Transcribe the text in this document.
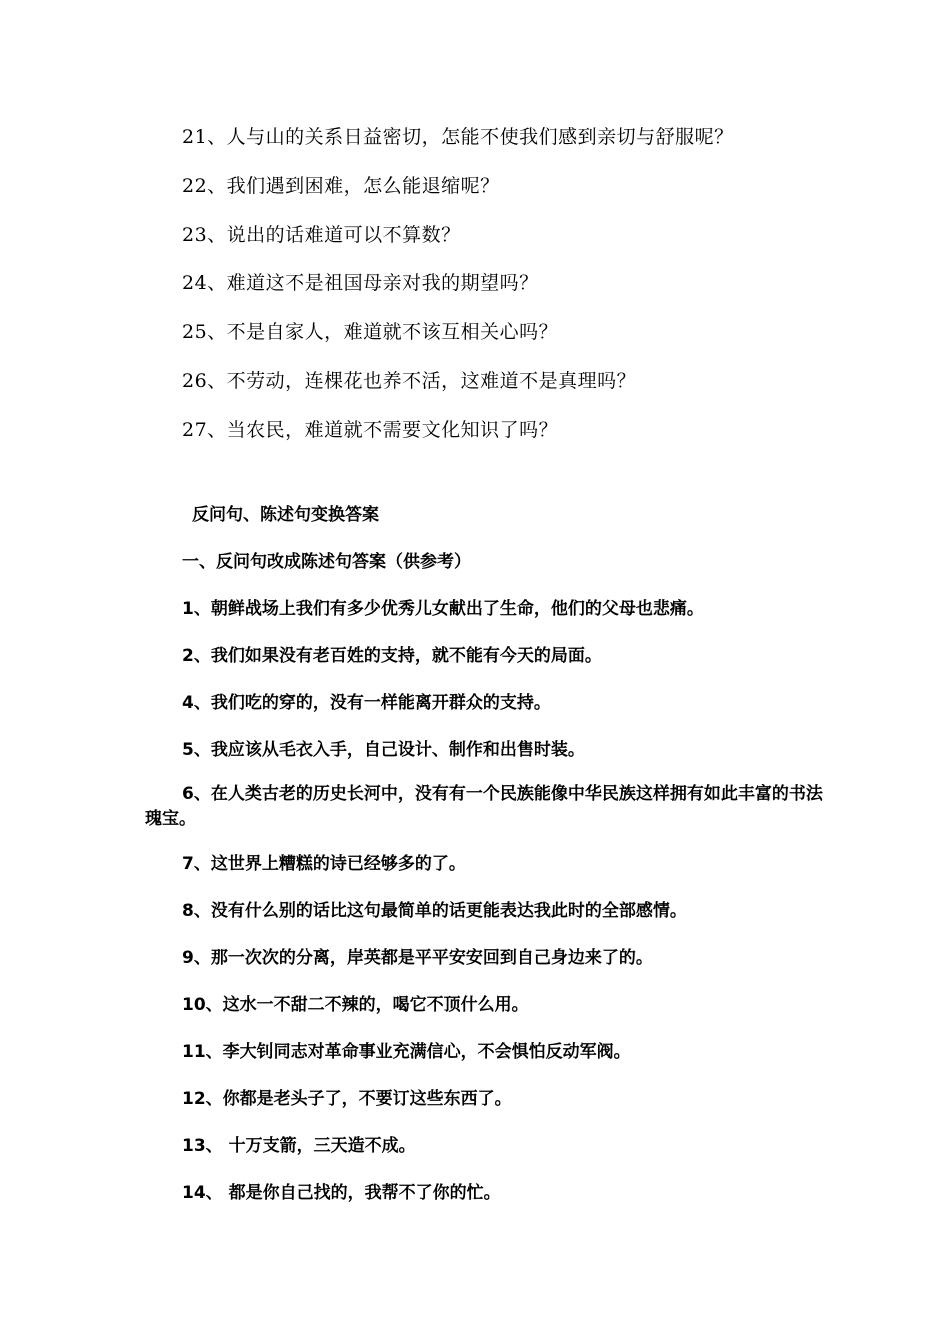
21、人与山的关系日益密切，怎能不使我们感到亲切与舒服呢？
22、我们遇到困难，怎么能退缩呢？
23、说出的话难道可以不算数？
24、难道这不是祖国母亲对我的期望吗？
25、不是自家人，难道就不该互相关心吗？
26、不劳动，连棵花也养不活，这难道不是真理吗？
27、当农民，难道就不需要文化知识了吗？
反问句、陈述句变换答案
一、反问句改成陈述句答案（供参考）
1、朝鲜战场上我们有多少优秀儿女献出了生命，他们的父母也悲痛。
2、我们如果没有老百姓的支持，就不能有今天的局面。
4、我们吃的穿的，没有一样能离开群众的支持。
5、我应该从毛衣入手，自己设计、制作和出售时装。
6、在人类古老的历史长河中，没有有一个民族能像中华民族这样拥有如此丰富的书法瑰宝。
7、这世界上糟糕的诗已经够多的了。
8、没有什么别的话比这句最简单的话更能表达我此时的全部感情。
9、那一次次的分离，岸英都是平平安安回到自己身边来了的。
10、这水一不甜二不辣的，喝它不顶什么用。
11、李大钊同志对革命事业充满信心，不会惧怕反动军阀。
12、你都是老头子了，不要订这些东西了。
13、 十万支箭，三天造不成。
14、 都是你自己找的，我帮不了你的忙。
